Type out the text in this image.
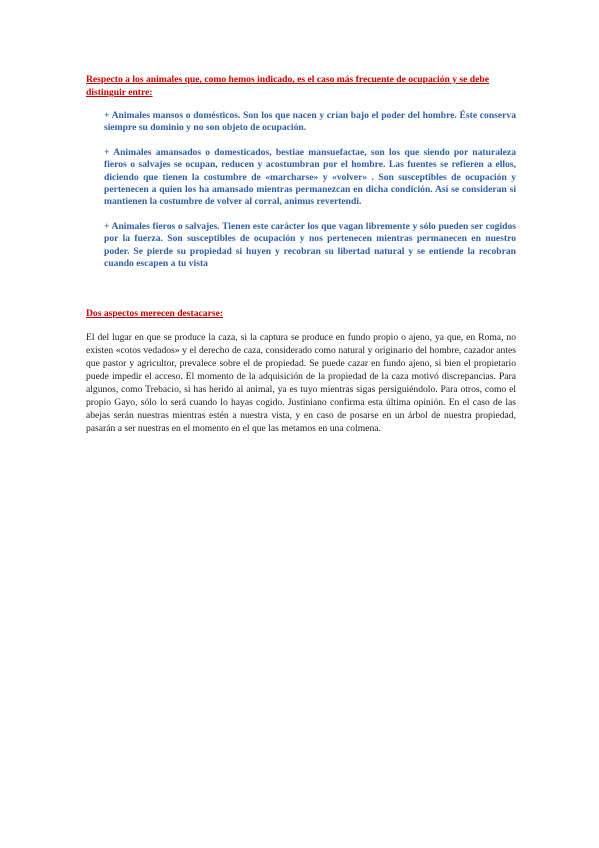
Respecto a los animales que, como hemos indicado, es el caso más frecuente de ocupación y se debe distinguir entre:

+ Animales mansos o domésticos. Son los que nacen y crían bajo el poder del hombre. Éste conserva siempre su dominio y no son objeto de ocupación.
+ Animales amansados o domesticados, bestiae mansuefactae, son los que siendo por naturaleza fieros o salvajes se ocupan, reducen y acostumbran por el hombre. Las fuentes se refieren a ellos, diciendo que tienen la costumbre de «marcharse» y «volver» . Son susceptibles de ocupación y pertenecen a quien los ha amansado mientras permanezcan en dicha condición. Así se consideran si mantienen la costumbre de volver al corral, animus revertendi.
+ Animales fieros o salvajes. Tienen este carácter los que vagan libremente y sólo pueden ser cogidos por la fuerza. Son susceptibles de ocupación y nos pertenecen mientras permanecen en nuestro poder. Se pierde su propiedad si huyen y recobran su libertad natural y se entiende la recobran cuando escapen a tu vista

Dos aspectos merecen destacarse:

El del lugar en que se produce la caza, si la captura se produce en fundo propio o ajeno, ya que, en Roma, no existen «cotos vedados» y el derecho de caza, considerado como natural y originario del hombre, cazador antes que pastor y agricultor, prevalece sobre el de propiedad. Se puede cazar en fundo ajeno, si bien el propietario puede impedir el acceso. El momento de la adquisición de la propiedad de la caza motivó discrepancias. Para algunos, como Trebacio, si has herido al animal, ya es tuyo mientras sigas persiguiéndolo. Para otros, como el propio Gayo, sólo lo será cuando lo hayas cogido. Justiniano confirma esta última opinión. En el caso de las abejas serán nuestras mientras estén a nuestra vista, y en caso de posarse en un árbol de nuestra propiedad, pasarán a ser nuestras en el momento en el que las metamos en una colmena.
